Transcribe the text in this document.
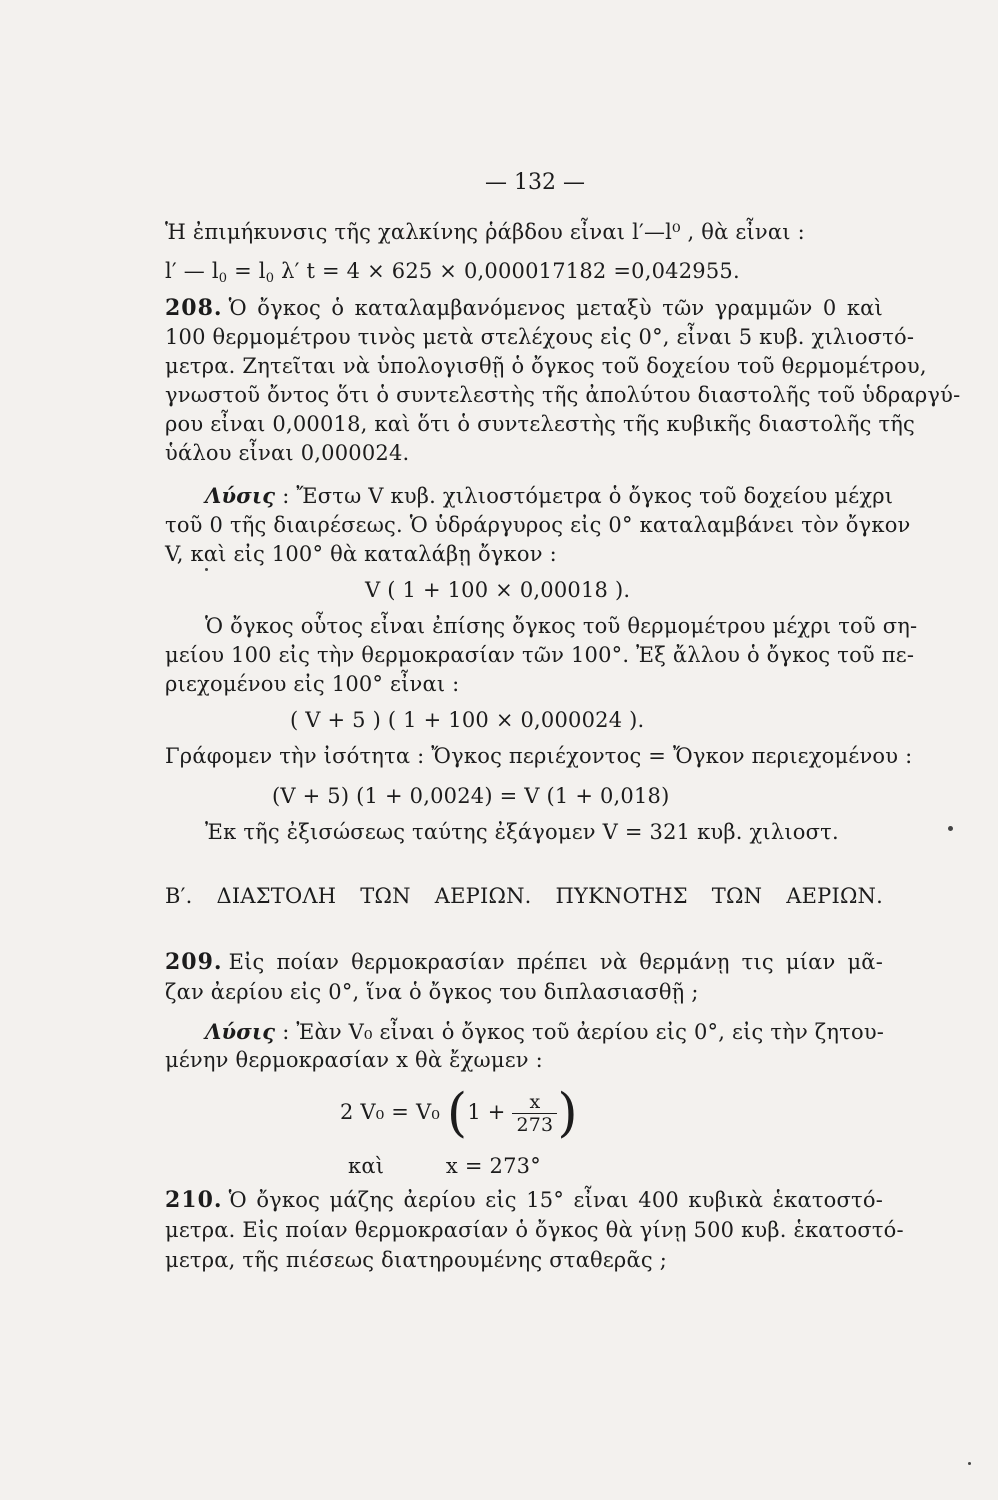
— 132 —
Ἡ ἐπιμήκυνσις τῆς χαλκίνης ῥάβδου εἶναι l′—l⁰ , θὰ εἶναι :
l′ — $l_0 = l_0$ λ′ t = 4 × 625 × 0,000017182 =0,042955.
208. Ὁ ὄγκος ὁ καταλαμβανόμενος μεταξὺ τῶν γραμμῶν 0 καὶ
100 θερμομέτρου τινὸς μετὰ στελέχους εἰς 0°, εἶναι 5 κυβ. χιλιοστό-
μετρα. Ζητεῖται νὰ ὑπολογισθῇ ὁ ὄγκος τοῦ δοχείου τοῦ θερμομέτρου,
γνωστοῦ ὄντος ὅτι ὁ συντελεστὴς τῆς ἀπολύτου διαστολῆς τοῦ ὑδραργύ-
ρου εἶναι 0,00018, καὶ ὅτι ὁ συντελεστὴς τῆς κυβικῆς διαστολῆς τῆς
ὑάλου εἶναι 0,000024.
Λύσις : Ἔστω V κυβ. χιλιοστόμετρα ὁ ὄγκος τοῦ δοχείου μέχρι
τοῦ 0 τῆς διαιρέσεως. Ὁ ὑδράργυρος εἰς 0° καταλαμβάνει τὸν ὄγκον
V, καὶ εἰς 100° θὰ καταλάβῃ ὄγκον :
V ( 1 + 100 × 0,00018 ).
Ὁ ὄγκος οὗτος εἶναι ἐπίσης ὄγκος τοῦ θερμομέτρου μέχρι τοῦ ση-
μείου 100 εἰς τὴν θερμοκρασίαν τῶν 100°. Ἐξ ἄλλου ὁ ὄγκος τοῦ πε-
ριεχομένου εἰς 100° εἶναι :
( V + 5 ) ( 1 + 100 × 0,000024 ).
Γράφομεν τὴν ἰσότητα : Ὄγκος περιέχοντος = Ὄγκον περιεχομένου :
(V + 5) (1 + 0,0024) = V (1 + 0,018)
Ἐκ τῆς ἐξισώσεως ταύτης ἐξάγομεν V = 321 κυβ. χιλιοστ.
Β′. ΔΙΑΣΤΟΛΗ ΤΩΝ ΑΕΡΙΩΝ. ΠΥΚΝΟΤΗΣ ΤΩΝ ΑΕΡΙΩΝ.
209. Εἰς ποίαν θερμοκρασίαν πρέπει νὰ θερμάνῃ τις μίαν μᾶ-
ζαν ἀερίου εἰς 0°, ἵνα ὁ ὄγκος του διπλασιασθῇ ;
Λύσις : Ἐὰν V₀ εἶναι ὁ ὄγκος τοῦ ἀερίου εἰς 0°, εἰς τὴν ζητου-
μένην θερμοκρασίαν x θὰ ἔχωμεν :
2 V₀ = V₀ ($1 + \frac{x}{273}$ )
καὶ	x = 273°
210. Ὁ ὄγκος μάζης ἀερίου εἰς 15° εἶναι 400 κυβικὰ ἑκατοστό-
μετρα. Εἰς ποίαν θερμοκρασίαν ὁ ὄγκος θὰ γίνῃ 500 κυβ. ἑκατοστό-
μετρα, τῆς πιέσεως διατηρουμένης σταθερᾶς ;
